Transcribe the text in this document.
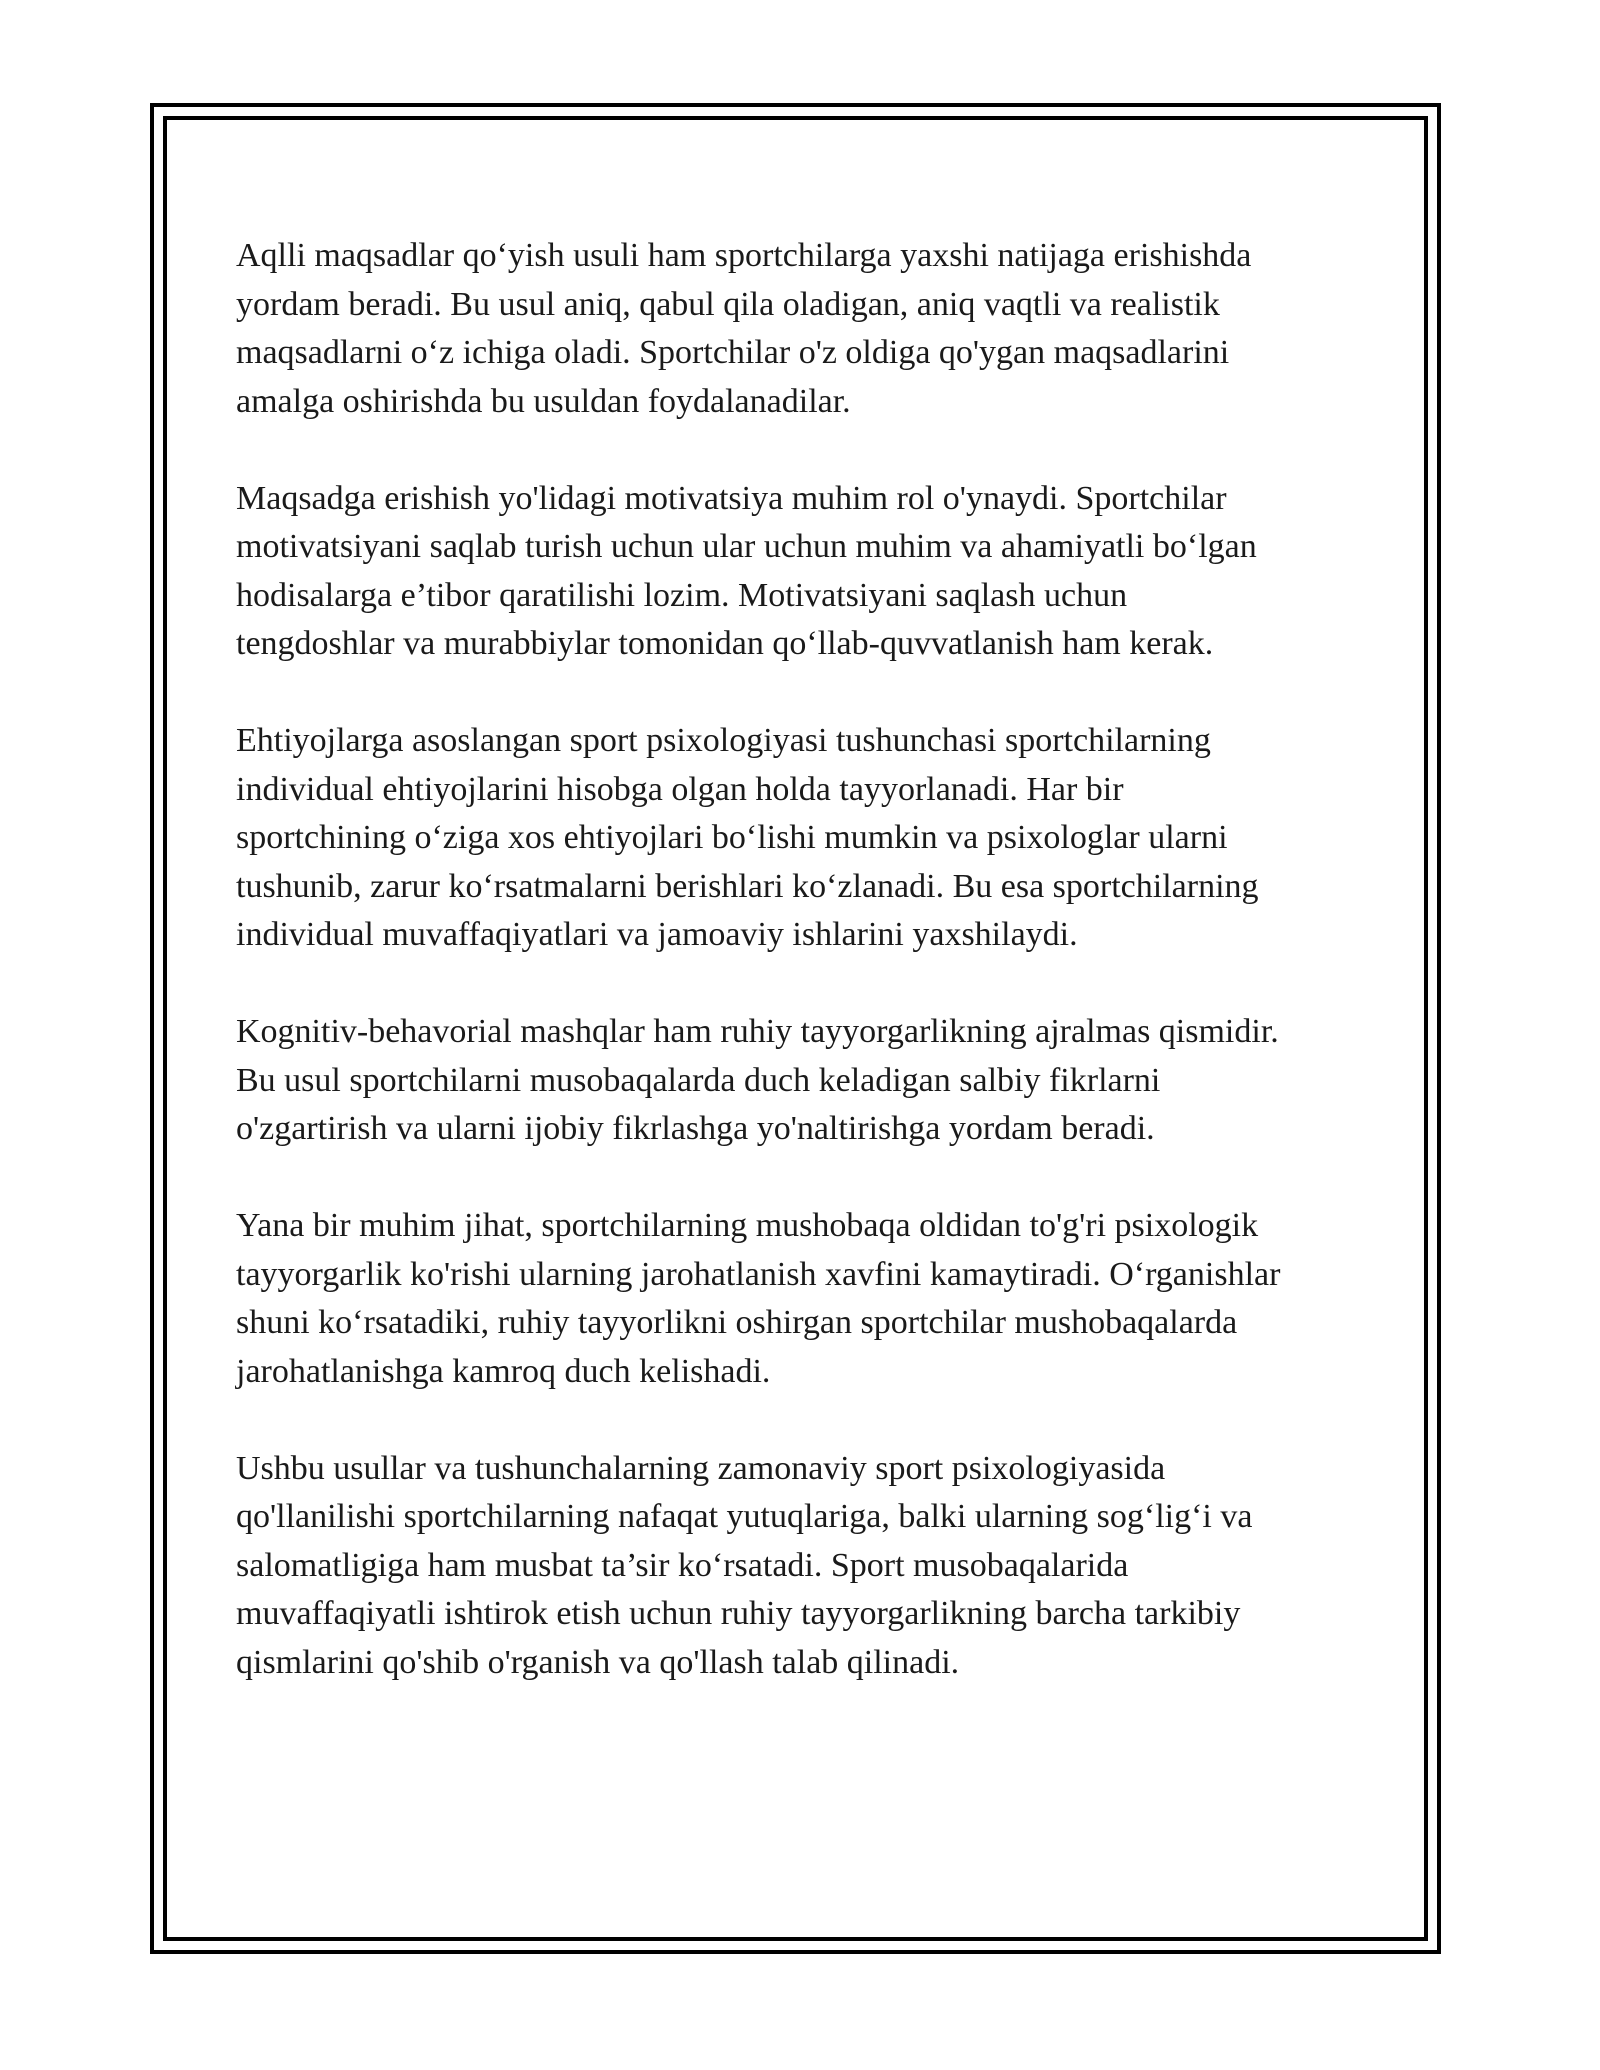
Aqlli maqsadlar qo‘yish usuli ham sportchilarga yaxshi natijaga erishishda
yordam beradi. Bu usul aniq, qabul qila oladigan, aniq vaqtli va realistik
maqsadlarni o‘z ichiga oladi. Sportchilar o'z oldiga qo'ygan maqsadlarini
amalga oshirishda bu usuldan foydalanadilar.

Maqsadga erishish yo'lidagi motivatsiya muhim rol o'ynaydi. Sportchilar
motivatsiyani saqlab turish uchun ular uchun muhim va ahamiyatli bo‘lgan
hodisalarga e’tibor qaratilishi lozim. Motivatsiyani saqlash uchun
tengdoshlar va murabbiylar tomonidan qo‘llab-quvvatlanish ham kerak.

Ehtiyojlarga asoslangan sport psixologiyasi tushunchasi sportchilarning
individual ehtiyojlarini hisobga olgan holda tayyorlanadi. Har bir
sportchining o‘ziga xos ehtiyojlari bo‘lishi mumkin va psixologlar ularni
tushunib, zarur ko‘rsatmalarni berishlari ko‘zlanadi. Bu esa sportchilarning
individual muvaffaqiyatlari va jamoaviy ishlarini yaxshilaydi.

Kognitiv-behavorial mashqlar ham ruhiy tayyorgarlikning ajralmas qismidir.
Bu usul sportchilarni musobaqalarda duch keladigan salbiy fikrlarni
o'zgartirish va ularni ijobiy fikrlashga yo'naltirishga yordam beradi.

Yana bir muhim jihat, sportchilarning mushobaqa oldidan to'g'ri psixologik
tayyorgarlik ko'rishi ularning jarohatlanish xavfini kamaytiradi. O‘rganishlar
shuni ko‘rsatadiki, ruhiy tayyorlikni oshirgan sportchilar mushobaqalarda
jarohatlanishga kamroq duch kelishadi.

Ushbu usullar va tushunchalarning zamonaviy sport psixologiyasida
qo'llanilishi sportchilarning nafaqat yutuqlariga, balki ularning sog‘lig‘i va
salomatligiga ham musbat ta’sir ko‘rsatadi. Sport musobaqalarida
muvaffaqiyatli ishtirok etish uchun ruhiy tayyorgarlikning barcha tarkibiy
qismlarini qo'shib o'rganish va qo'llash talab qilinadi.
